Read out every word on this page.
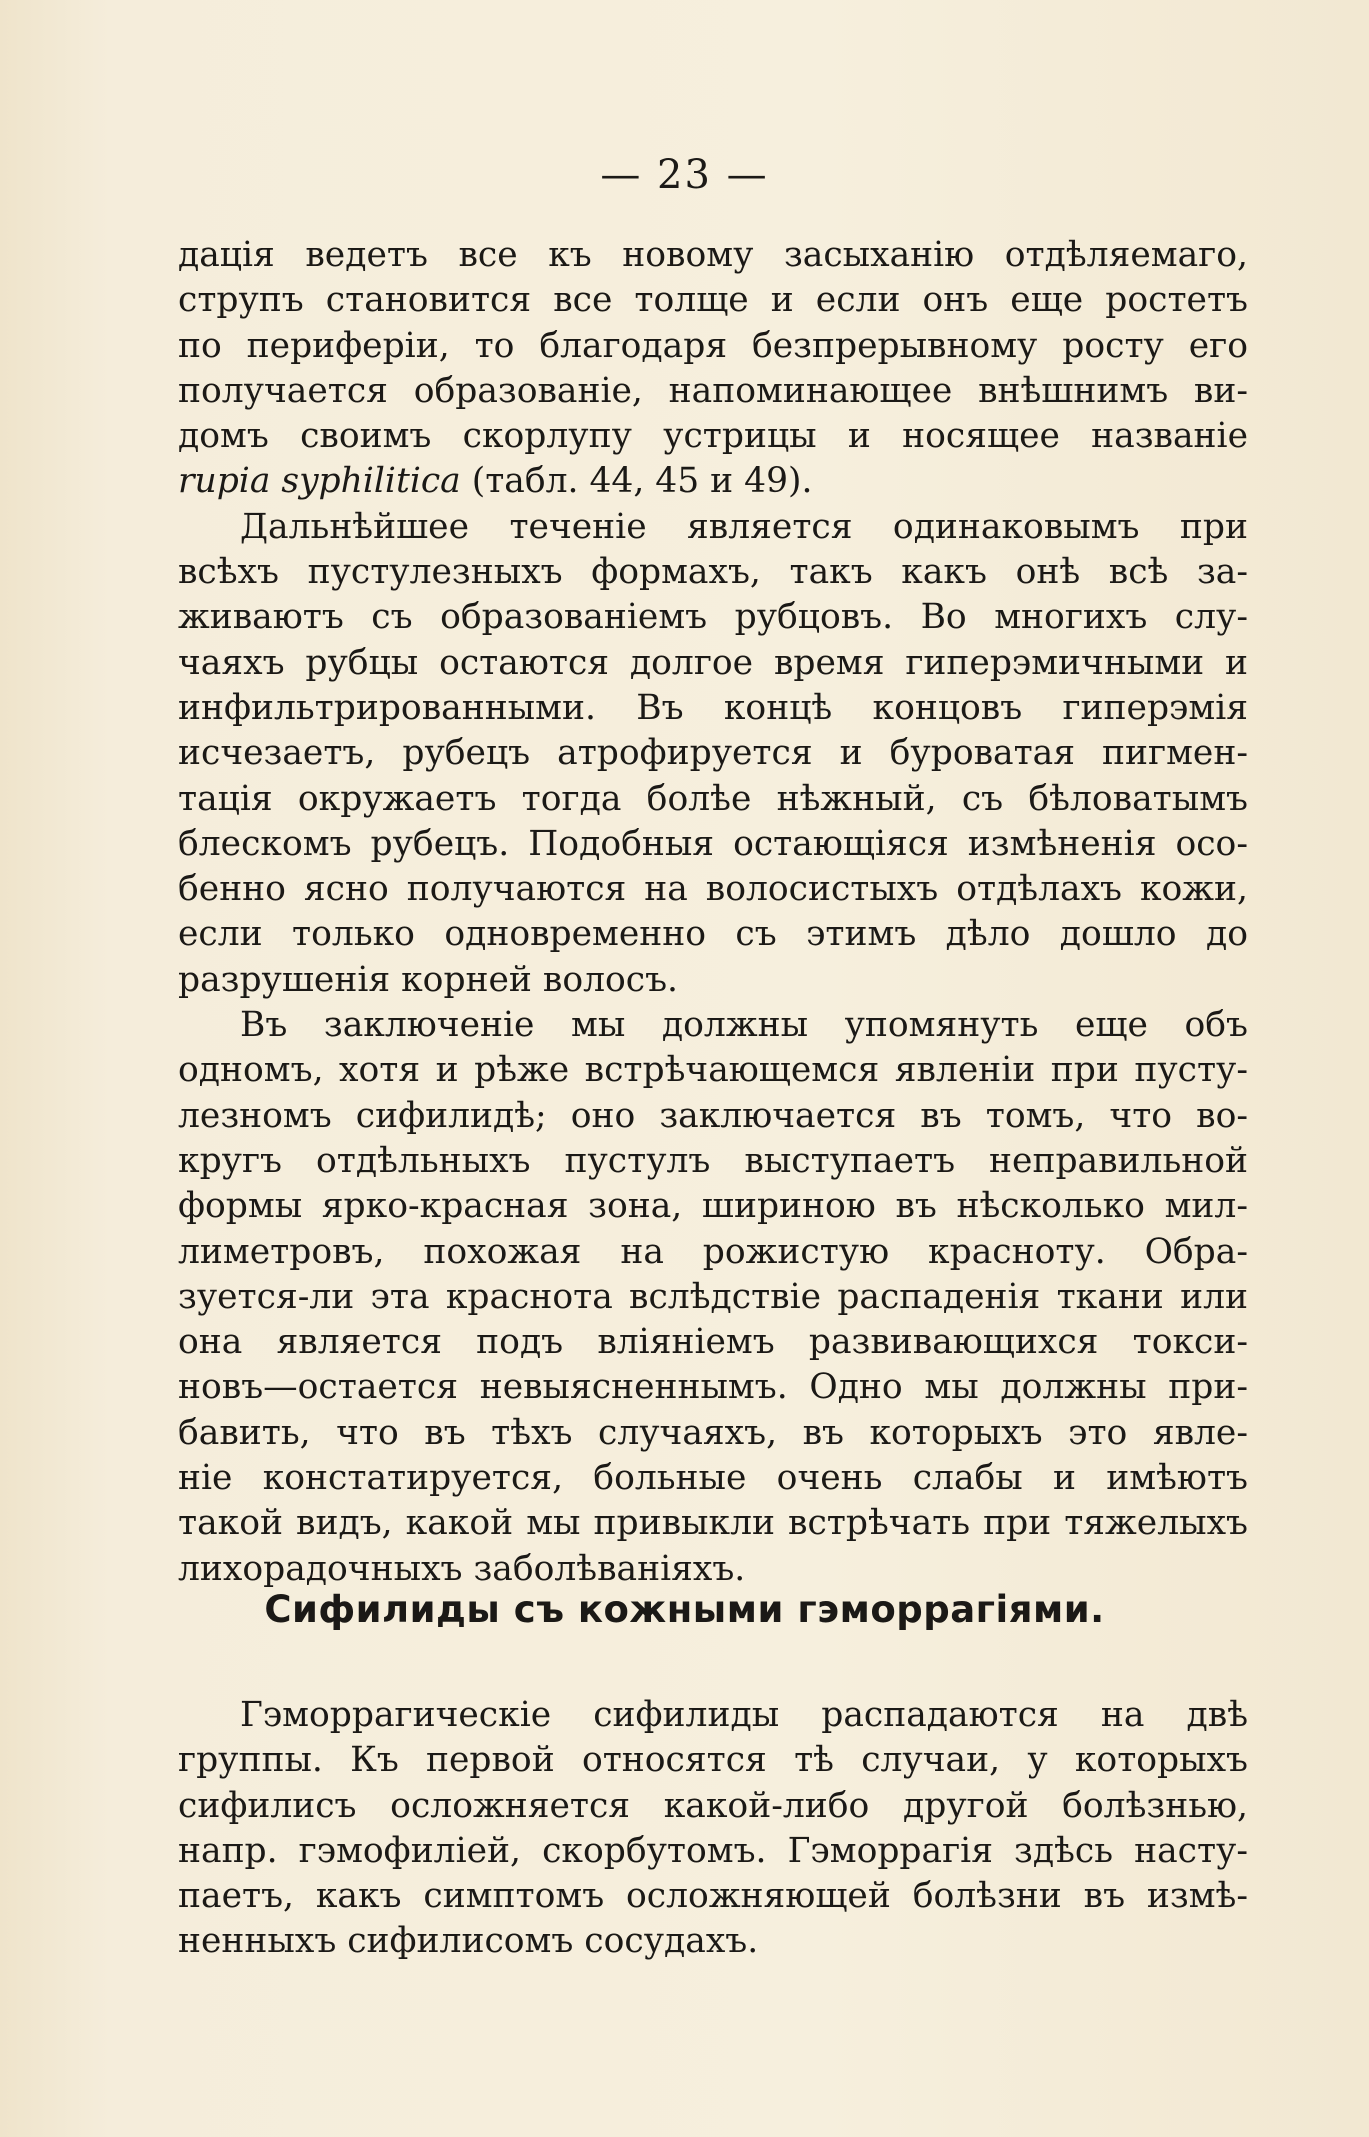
— 23 —

дація ведетъ все къ новому засыханію отдѣляемаго,
струпъ становится все толще и если онъ еще ростетъ
по периферіи, то благодаря безпрерывному росту его
получается образованіе, напоминающее внѣшнимъ ви-
домъ своимъ скорлупу устрицы и носящее названіе
rupia syphilitica (табл. 44, 45 и 49).

Дальнѣйшее теченіе является одинаковымъ при
всѣхъ пустулезныхъ формахъ, такъ какъ онѣ всѣ за-
живаютъ съ образованіемъ рубцовъ. Во многихъ слу-
чаяхъ рубцы остаются долгое время гиперэмичными и
инфильтрированными. Въ концѣ концовъ гиперэмія
исчезаетъ, рубецъ атрофируется и буроватая пигмен-
тація окружаетъ тогда болѣе нѣжный, съ бѣловатымъ
блескомъ рубецъ. Подобныя остающіяся измѣненія осо-
бенно ясно получаются на волосистыхъ отдѣлахъ кожи,
если только одновременно съ этимъ дѣло дошло до
разрушенія корней волосъ.

Въ заключеніе мы должны упомянуть еще объ
одномъ, хотя и рѣже встрѣчающемся явленіи при пусту-
лезномъ сифилидѣ; оно заключается въ томъ, что во-
кругъ отдѣльныхъ пустулъ выступаетъ неправильной
формы ярко-красная зона, шириною въ нѣсколько мил-
лиметровъ, похожая на рожистую красноту. Обра-
зуется-ли эта краснота вслѣдствіе распаденія ткани или
она является подъ вліяніемъ развивающихся токси-
новъ—остается невыясненнымъ. Одно мы должны при-
бавить, что въ тѣхъ случаяхъ, въ которыхъ это явле-
ніе констатируется, больные очень слабы и имѣютъ
такой видъ, какой мы привыкли встрѣчать при тяжелыхъ
лихорадочныхъ заболѣваніяхъ.

Сифилиды съ кожными гэморрагіями.

Гэморрагическіе сифилиды распадаются на двѣ
группы. Къ первой относятся тѣ случаи, у которыхъ
сифилисъ осложняется какой-либо другой болѣзнью,
напр. гэмофиліей, скорбутомъ. Гэморрагія здѣсь насту-
паетъ, какъ симптомъ осложняющей болѣзни въ измѣ-
ненныхъ сифилисомъ сосудахъ.
